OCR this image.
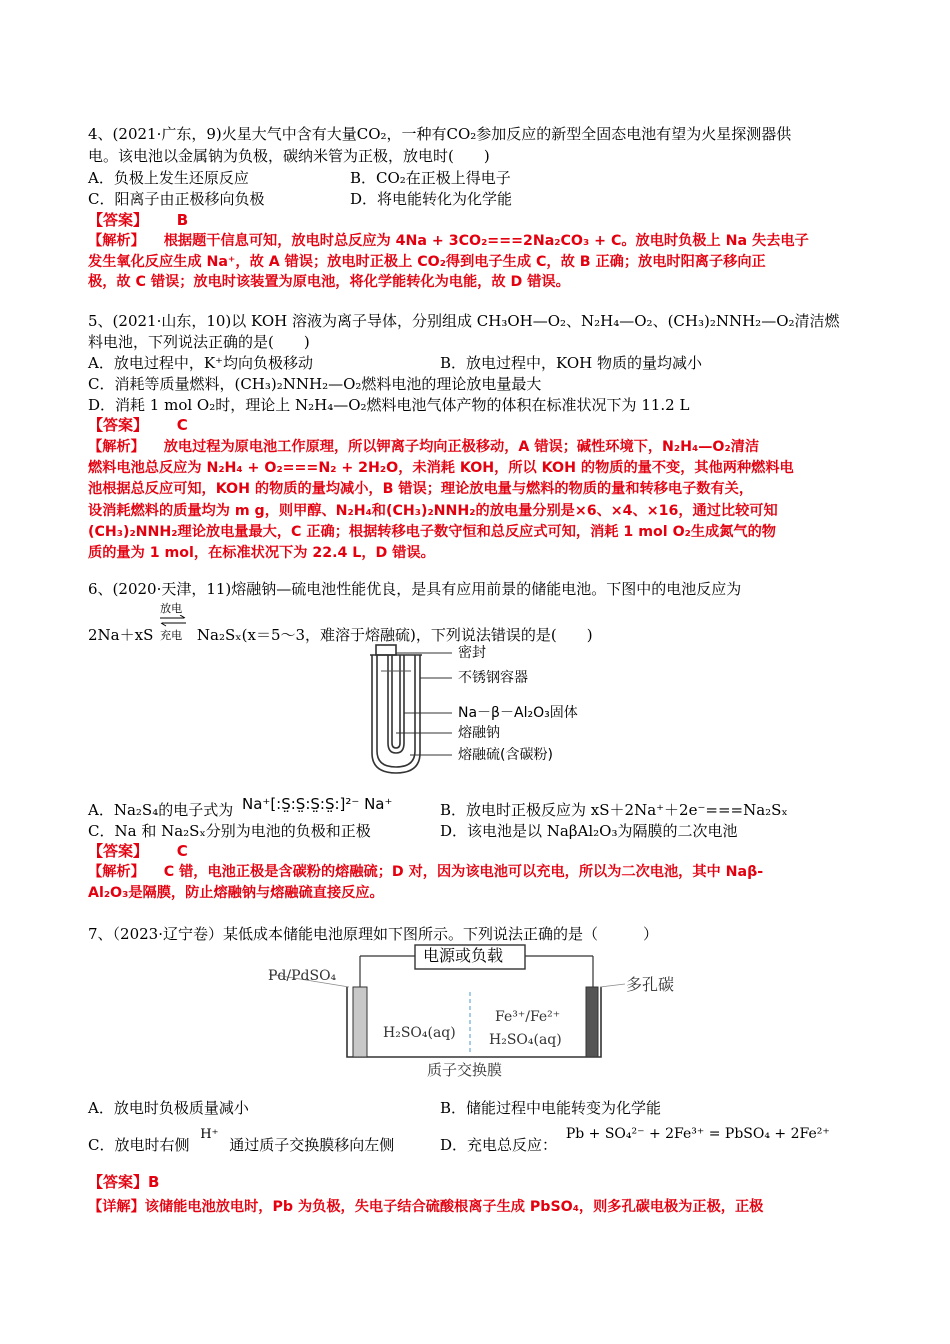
4、(2021·广东，9)火星大气中含有大量CO₂，一种有CO₂参加反应的新型全固态电池有望为火星探测器供
电。该电池以金属钠为负极，碳纳米管为正极，放电时(　　)
A．负极上发生还原反应	B．CO₂在正极上得电子
C．阳离子由正极移向负极	D．将电能转化为化学能
【答案】 B
【解析】 根据题干信息可知，放电时总反应为 4Na + 3CO₂===2Na₂CO₃ + C。放电时负极上 Na 失去电子
发生氧化反应生成 Na⁺，故 A 错误；放电时正极上 CO₂得到电子生成 C，故 B 正确；放电时阳离子移向正
极，故 C 错误；放电时该装置为原电池，将化学能转化为电能，故 D 错误。
5、(2021·山东，10)以 KOH 溶液为离子导体，分别组成 CH₃OH—O₂、N₂H₄—O₂、(CH₃)₂NNH₂—O₂清洁燃
料电池，下列说法正确的是(　　)
A．放电过程中，K⁺均向负极移动	B．放电过程中，KOH 物质的量均减小
C．消耗等质量燃料，(CH₃)₂NNH₂—O₂燃料电池的理论放电量最大
D．消耗 1 mol O₂时，理论上 N₂H₄—O₂燃料电池气体产物的体积在标准状况下为 11.2 L
【答案】 C
【解析】 放电过程为原电池工作原理，所以钾离子均向正极移动，A 错误；碱性环境下，N₂H₄—O₂清洁
燃料电池总反应为 N₂H₄ + O₂===N₂ + 2H₂O，未消耗 KOH，所以 KOH 的物质的量不变，其他两种燃料电
池根据总反应可知，KOH 的物质的量均减小，B 错误；理论放电量与燃料的物质的量和转移电子数有关，
设消耗燃料的质量均为 m g，则甲醇、N₂H₄和(CH₃)₂NNH₂的放电量分别是×6、×4、×16，通过比较可知
(CH₃)₂NNH₂理论放电量最大，C 正确；根据转移电子数守恒和总反应式可知，消耗 1 mol O₂生成氮气的物
质的量为 1 mol，在标准状况下为 22.4 L，D 错误。
6、(2020·天津，11)熔融钠—硫电池性能优良，是具有应用前景的储能电池。下图中的电池反应为
2Na＋xS
放电
充电 Na₂Sₓ(x＝5～3，难溶于熔融硫)，下列说法错误的是(　　)
密封
不锈钢容器
Na－β－Al₂O₃固体
熔融钠
熔融硫(含碳粉)
A．Na₂S₄的电子式为 Na⁺[:S̤:S̤:S̤:S̤:]²⁻ Na⁺	B．放电时正极反应为 xS＋2Na⁺＋2e⁻===Na₂Sₓ
C．Na 和 Na₂Sₓ分别为电池的负极和正极	D．该电池是以 NaβAl₂O₃为隔膜的二次电池
【答案】 C
【解析】 C 错，电池正极是含碳粉的熔融硫；D 对，因为该电池可以充电，所以为二次电池，其中 Naβ-
Al₂O₃是隔膜，防止熔融钠与熔融硫直接反应。
7、（2023·辽宁卷）某低成本储能电池原理如下图所示。下列说法正确的是（　　　）
电源或负载
Pd/PdSO₄	多孔碳
H₂SO₄(aq)
Fe³⁺/Fe²⁺
H₂SO₄(aq)
质子交换膜
A．放电时负极质量减小	B．储能过程中电能转变为化学能
C．放电时右侧 H⁺ 通过质子交换膜移向左侧	D．充电总反应： Pb + SO₄²⁻ + 2Fe³⁺ = PbSO₄ + 2Fe²⁺
【答案】B
【详解】该储能电池放电时，Pb 为负极，失电子结合硫酸根离子生成 PbSO₄，则多孔碳电极为正极，正极
